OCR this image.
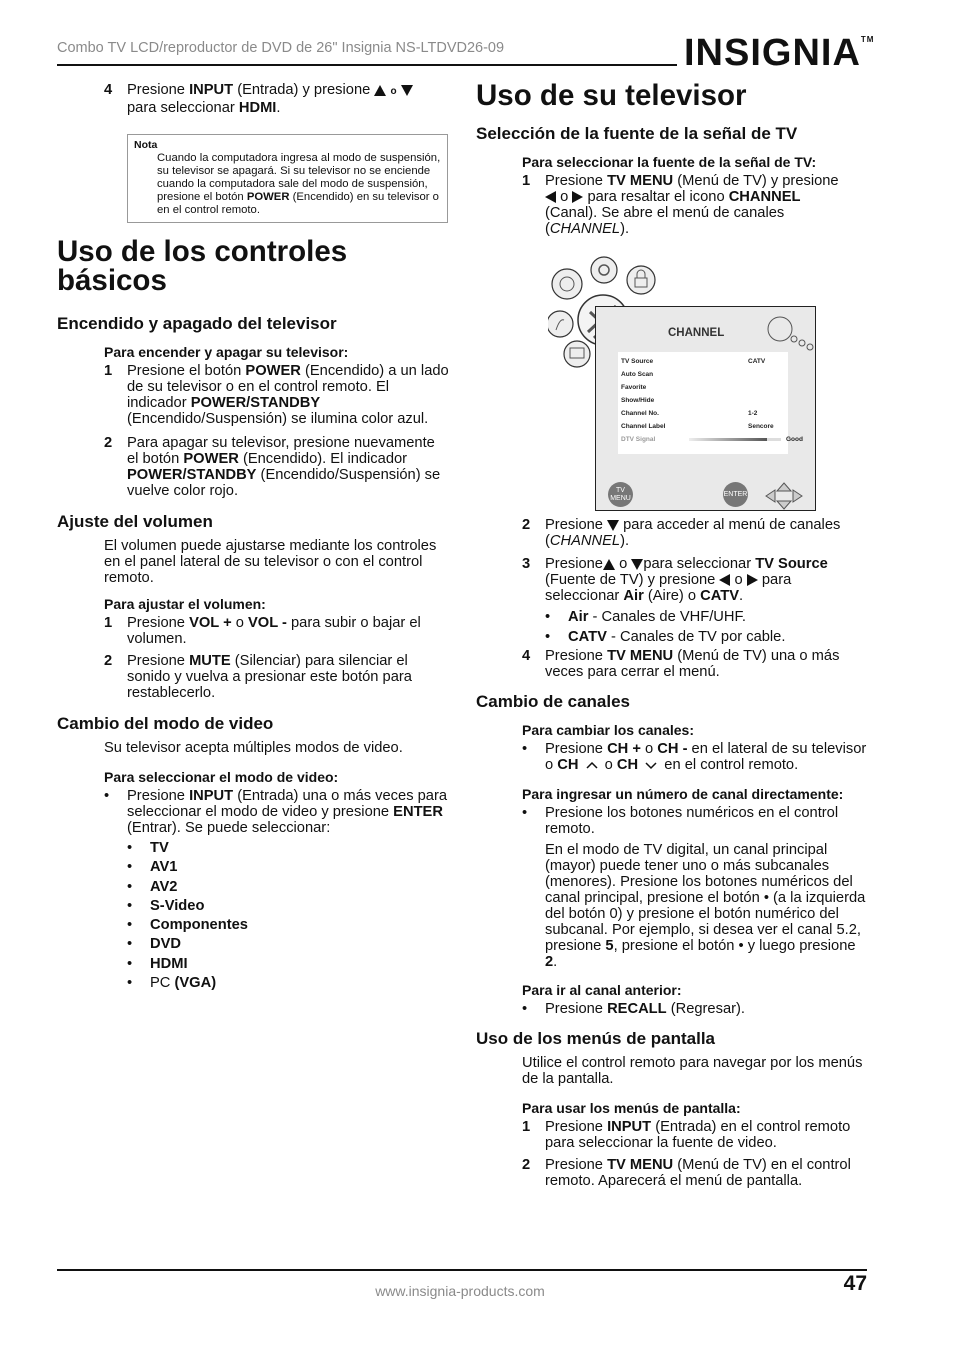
Combo TV LCD/reproductor de DVD de 26" Insignia NS-LTDVD26-09	INSIGNIA™
4 Presione INPUT (Entrada) y presione  o
para seleccionar HDMI.
Nota
Cuando la computadora ingresa al modo de suspensión, su televisor se apagará. Si su televisor no se enciende cuando la computadora sale del modo de suspensión, presione el botón POWER (Encendido) en su televisor o en el control remoto.
Uso de los controles básicos
Encendido y apagado del televisor
Para encender y apagar su televisor:
1 Presione el botón POWER (Encendido) a un lado de su televisor o en el control remoto. El indicador POWER/STANDBY (Encendido/Suspensión) se ilumina color azul.
2 Para apagar su televisor, presione nuevamente el botón POWER (Encendido). El indicador POWER/STANDBY (Encendido/Suspensión) se vuelve color rojo.
Ajuste del volumen
El volumen puede ajustarse mediante los controles en el panel lateral de su televisor o con el control remoto.
Para ajustar el volumen:
1 Presione VOL + o VOL - para subir o bajar el volumen.
2 Presione MUTE (Silenciar) para silenciar el sonido y vuelva a presionar este botón para restablecerlo.
Cambio del modo de video
Su televisor acepta múltiples modos de video.
Para seleccionar el modo de video:
• Presione INPUT (Entrada) una o más veces para seleccionar el modo de video y presione ENTER (Entrar). Se puede seleccionar:
• TV
• AV1
• AV2
• S-Video
• Componentes
• DVD
• HDMI
• PC (VGA)
Uso de su televisor
Selección de la fuente de la señal de TV
Para seleccionar la fuente de la señal de TV:
1 Presione TV MENU (Menú de TV) y presione
o para resaltar el icono CHANNEL
(Canal). Se abre el menú de canales (CHANNEL).
CHANNEL
TV Source	CATV
Auto Scan
Favorite
Show/Hide
Channel No.	1-2
Channel Label	Sencore
DTV Signal	Good
TV MENU	ENTER
2 Presione  para acceder al menú de canales (CHANNEL).
3 Presione o para seleccionar TV Source
(Fuente de TV) y presione  o  para seleccionar Air (Aire) o CATV.
• Air - Canales de VHF/UHF.
• CATV - Canales de TV por cable.
4 Presione TV MENU (Menú de TV) una o más veces para cerrar el menú.
Cambio de canales
Para cambiar los canales:
• Presione CH + o CH - en el lateral de su televisor o CH  o CH  en el control remoto.
Para ingresar un número de canal directamente:
• Presione los botones numéricos en el control remoto.
En el modo de TV digital, un canal principal (mayor) puede tener uno o más subcanales (menores). Presione los botones numéricos del canal principal, presione el botón • (a la izquierda del botón 0) y presione el botón numérico del subcanal. Por ejemplo, si desea ver el canal 5.2, presione 5, presione el botón • y luego presione 2.
Para ir al canal anterior:
• Presione RECALL (Regresar).
Uso de los menús de pantalla
Utilice el control remoto para navegar por los menús de la pantalla.
Para usar los menús de pantalla:
1 Presione INPUT (Entrada) en el control remoto para seleccionar la fuente de video.
2 Presione TV MENU (Menú de TV) en el control remoto. Aparecerá el menú de pantalla.
www.insignia-products.com	47
